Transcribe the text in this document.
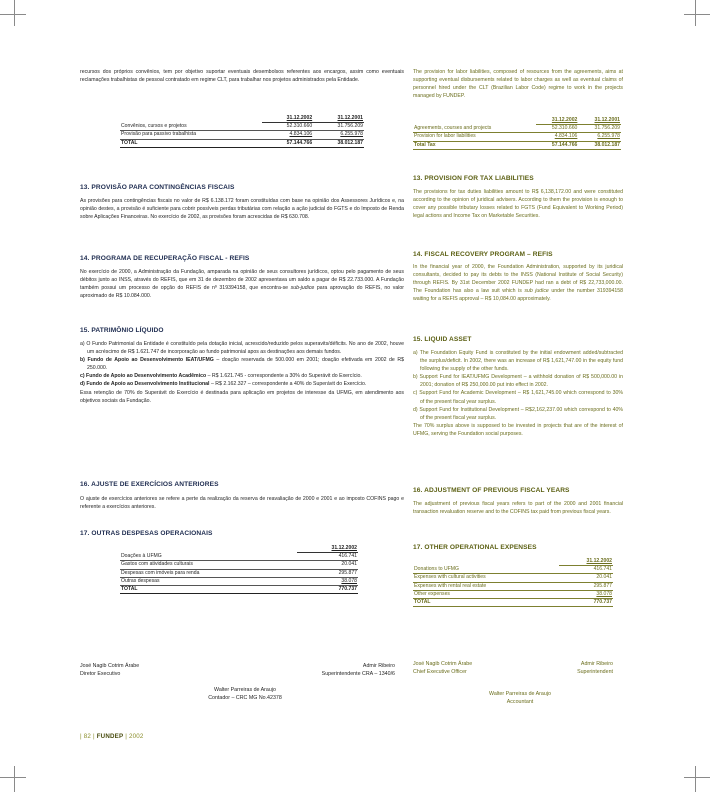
recursos dos próprios convênios, tem por objetivo suportar eventuais desembolsos referentes aos encargos, assim como eventuais reclamações trabalhistas de pessoal contratado em regime CLT, para trabalhar nos projetos administrados pela Entidade.
	31.12.2002	31.12.2001
Convênios, cursos e projetos	52.310.660	31.756.209
Provisão para passivo trabalhista	4.834.106	6.255.978
TOTAL	57.144.766	38.012.187
13. PROVISÃO PARA CONTINGÊNCIAS FISCAIS
As provisões para contingências fiscais no valor de R$ 6.138.172 foram constituídas com base na opinião dos Assessores Jurídicos e, na opinião destes, a provisão é suficiente para cobrir possíveis perdas tributárias com relação a ação judicial do FGTS e do Imposto de Renda sobre Aplicações Financeiras. No exercício de 2002, as provisões foram acrescidas de R$ 630.708.
14. PROGRAMA DE RECUPERAÇÃO FISCAL - REFIS
No exercício de 2000, a Administração da Fundação, amparada na opinião de seus consultores jurídicos, optou pelo pagamento de seus débitos junto ao INSS, através do REFIS, que em 31 de dezembro de 2002 apresentava um saldo a pagar de R$ 22.733.000. A Fundação também possui um processo de opção do REFIS de nº 319394158, que encontra-se sub-judice para aprovação do REFIS, no valor aproximado de R$ 10.084.000.
15. PATRIMÔNIO LÍQUIDO
a) O Fundo Patrimonial da Entidade é constituído pela dotação inicial, acrescido/reduzido pelos superavits/déficits. No ano de 2002, houve um acréscimo de R$ 1.621.747 de incorporação ao fundo patrimonial apos as destinações aos demais fundos.
b) Fundo de Apoio ao Desenvolvimento IEAT/UFMG – doação reservada de 500.000 em 2001; doação efetivada em 2002 de R$ 250.000.
c) Fundo de Apoio ao Desenvolvimento Acadêmico – R$ 1.621.745 - correspondente a 30% do Superávit do Exercício.
d) Fundo de Apoio ao Desenvolvimento Institucional – R$ 2.162.327 – correspondente a 40% do Superávit do Exercício.
Essa retenção de 70% do Superávit do Exercício é destinada para aplicação em projetos de interesse da UFMG, em atendimento aos objetivos sociais da Fundação.
16. AJUSTE DE EXERCÍCIOS ANTERIORES
O ajuste de exercícios anteriores se refere a perte da realização da reserva de reavaliação de 2000 e 2001 e ao imposto COFINS pago e referente a exercícios anteriores.
17. OUTRAS DESPESAS OPERACIONAIS
	31.12.2002
Doações à UFMG	416.741
Gastos com atividades culturais	20.041
Despesas com imóveis para renda	295.877
Outras despesas	38.078
TOTAL	770.737
José Nagib Cotrim Árabe
Diretor Executivo
Admir Ribeiro
Superintendente CRA – 1340/6
Walter Parreiras de Araujo
Contador – CRC MG No.42378
The provision for labor liabilities, composed of resources from the agreements, aims at supporting eventual disbursements related to labor charges as well as eventual claims of personnel hired under the CLT (Brazilian Labor Code) regime to work in the projects managed by FUNDEP.
	31.12.2002	31.12.2001
Agreements, courses and projects	52.310.660	31.756.209
Provision for labor liabilities	4.834.106	6.255.978
Total Tax	57.144.766	38.012.187
13. PROVISION FOR TAX LIABILITIES
The provisions for tax duties liabilities amount to R$ 6,138,172.00 and were constituted according to the opinion of juridical advisers. According to them the provision is enough to cover any possible tributary losses related to FGTS (Fund Equivalent to Working Period) legal actions and Income Tax on Marketable Securities.
14. FISCAL RECOVERY PROGRAM – REFIS
In the financial year of 2000, the Foundation Administration, supported by its juridical consultants, decided to pay its debts to the INSS (National Institute of Social Security) through REFIS. By 31st December 2002 FUNDEP had ran a debt of R$ 22,733,000.00. The Foundation has also a law suit which is sub judice under the number 319394158 waiting for a REFIS approval – R$ 10,084.00 approximately.
15. LIQUID ASSET
a) The Foundation Equity Fund is constituted by the initial endowment added/subtracted the surplus/deficit. In 2002, there was an increase of R$ 1,621,747.00 in the equity fund following the supply of the other funds.
b) Support Fund for IEAT/UFMG Development – a withhold donation of R$ 500,000.00 in 2001; donation of R$ 250,000.00 put into effect in 2002.
c) Support Fund for Academic Development – R$ 1,621,745.00 which correspond to 30% of the present fiscal year surplus.
d) Support Fund for Institutional Development – R$2,162,237.00 which correspond to 40% of the present fiscal year surplus.
The 70% surplus above is supposed to be invested in projects that are of the interest of UFMG, serving the Foundation social purposes.
16. ADJUSTMENT OF PREVIOUS FISCAL YEARS
The adjustment of previous fiscal years refers to part of the 2000 and 2001 financial transaction revaluation reserve and to the COFINS tax paid from previous fiscal years.
17. OTHER OPERATIONAL EXPENSES
	31.12.2002
Donations to UFMG	416.741
Expenses with cultural activities	20.041
Expenses with rental real estate	295.877
Other expenses	38.078
TOTAL	770.737
José Nagib Cotrim Árabe
Chief Executive Officer
Admir Ribeiro
Superintendent
Walter Parreiras de Araujo
Accountant
| 82 | FUNDEP | 2002
